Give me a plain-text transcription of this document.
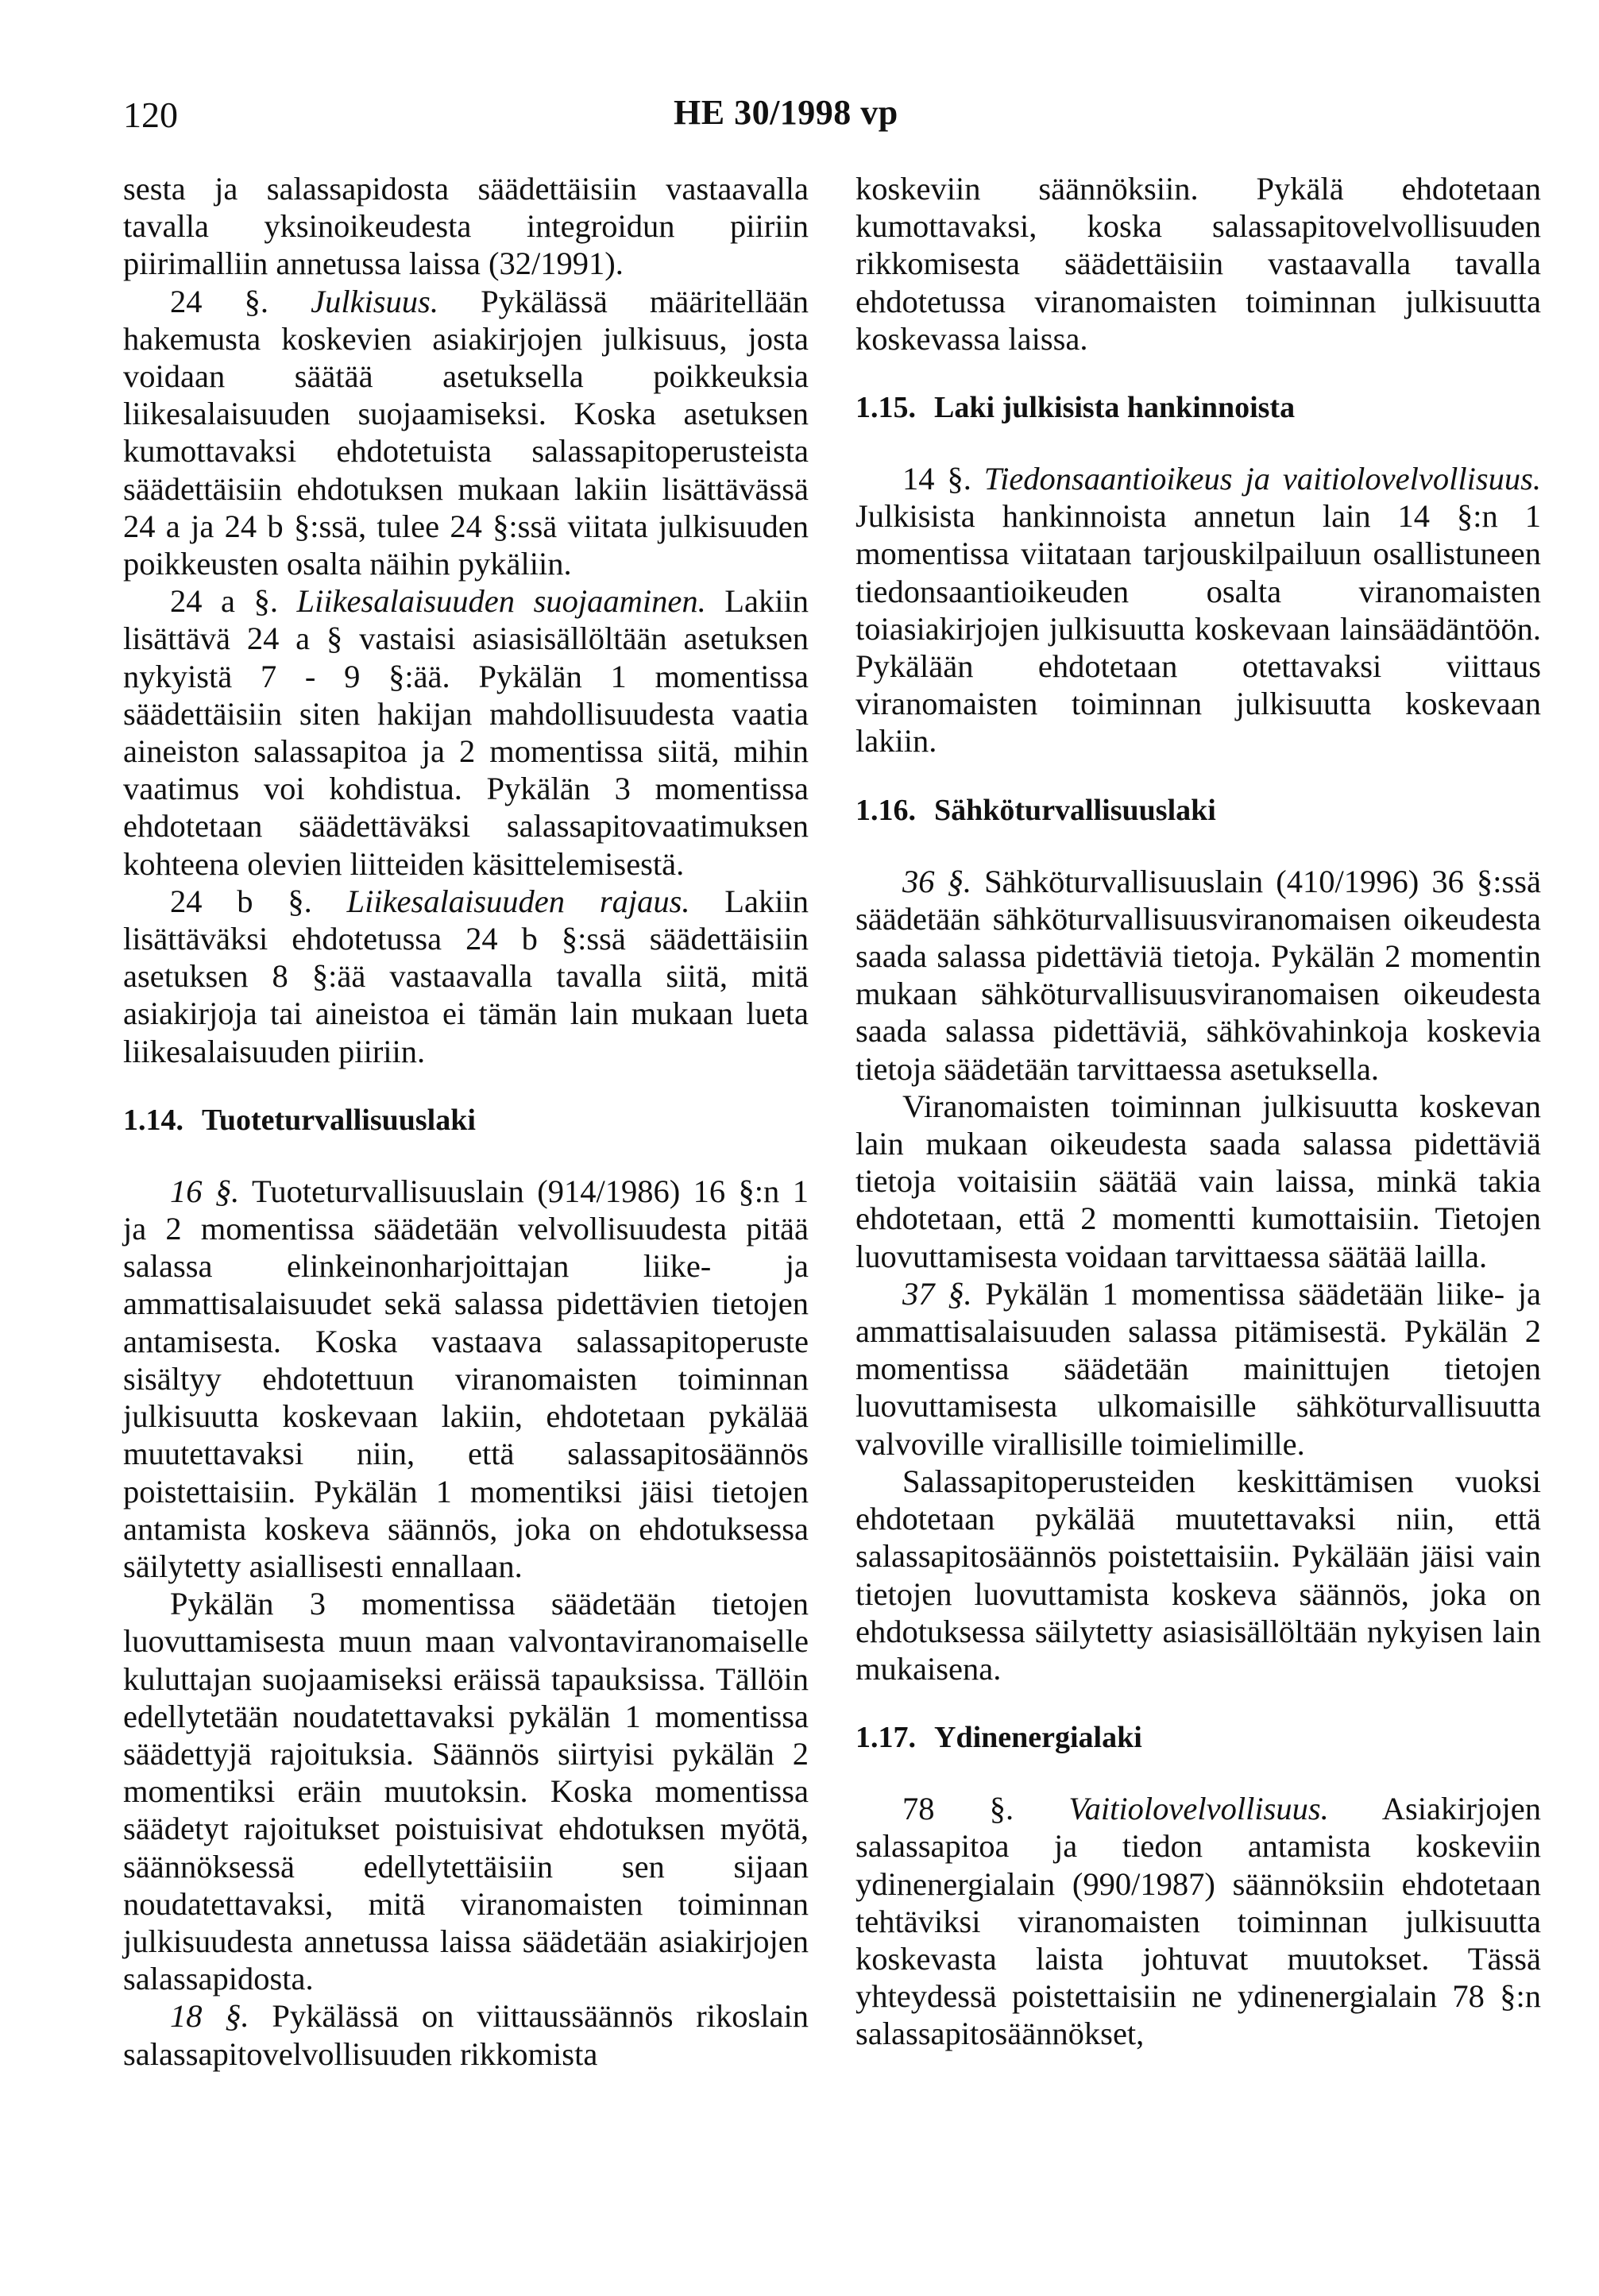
120	HE 30/1998 vp

sesta ja salassapidosta säädettäisiin vastaavalla tavalla yksinoikeudesta integroidun piiriin piirimalliin annetussa laissa (32/1991).

24 §. Julkisuus. Pykälässä määritellään hakemusta koskevien asiakirjojen julkisuus, josta voidaan säätää asetuksella poikkeuksia liikesalaisuuden suojaamiseksi. Koska asetuksen kumottavaksi ehdotetuista salassapitoperusteista säädettäisiin ehdotuksen mukaan lakiin lisättävässä 24 a ja 24 b §:ssä, tulee 24 §:ssä viitata julkisuuden poikkeusten osalta näihin pykäliin.

24 a §. Liikesalaisuuden suojaaminen. Lakiin lisättävä 24 a § vastaisi asiasisällöltään asetuksen nykyistä 7 - 9 §:ää. Pykälän 1 momentissa säädettäisiin siten hakijan mahdollisuudesta vaatia aineiston salassapitoa ja 2 momentissa siitä, mihin vaatimus voi kohdistua. Pykälän 3 momentissa ehdotetaan säädettäväksi salassapitovaatimuksen kohteena olevien liitteiden käsittelemisestä.

24 b §. Liikesalaisuuden rajaus. Lakiin lisättäväksi ehdotetussa 24 b §:ssä säädettäisiin asetuksen 8 §:ää vastaavalla tavalla siitä, mitä asiakirjoja tai aineistoa ei tämän lain mukaan lueta liikesalaisuuden piiriin.

1.14. Tuoteturvallisuuslaki

16 §. Tuoteturvallisuuslain (914/1986) 16 §:n 1 ja 2 momentissa säädetään velvollisuudesta pitää salassa elinkeinonharjoittajan liike- ja ammattisalaisuudet sekä salassa pidettävien tietojen antamisesta. Koska vastaava salassapitoperuste sisältyy ehdotettuun viranomaisten toiminnan julkisuutta koskevaan lakiin, ehdotetaan pykälää muutettavaksi niin, että salassapitosäännös poistettaisiin. Pykälän 1 momentiksi jäisi tietojen antamista koskeva säännös, joka on ehdotuksessa säilytetty asiallisesti ennallaan.

Pykälän 3 momentissa säädetään tietojen luovuttamisesta muun maan valvontaviranomaiselle kuluttajan suojaamiseksi eräissä tapauksissa. Tällöin edellytetään noudatettavaksi pykälän 1 momentissa säädettyjä rajoituksia. Säännös siirtyisi pykälän 2 momentiksi eräin muutoksin. Koska momentissa säädetyt rajoitukset poistuisivat ehdotuksen myötä, säännöksessä edellytettäisiin sen sijaan noudatettavaksi, mitä viranomaisten toiminnan julkisuudesta annetussa laissa säädetään asiakirjojen salassapidosta.

18 §. Pykälässä on viittaussäännös rikoslain salassapitovelvollisuuden rikkomista

koskeviin säännöksiin. Pykälä ehdotetaan kumottavaksi, koska salassapitovelvollisuuden rikkomisesta säädettäisiin vastaavalla tavalla ehdotetussa viranomaisten toiminnan julkisuutta koskevassa laissa.

1.15. Laki julkisista hankinnoista

14 §. Tiedonsaantioikeus ja vaitiolovelvollisuus. Julkisista hankinnoista annetun lain 14 §:n 1 momentissa viitataan tarjouskilpailuun osallistuneen tiedonsaantioikeuden osalta viranomaisten toiasiakirjojen julkisuutta koskevaan lainsäädäntöön. Pykälään ehdotetaan otettavaksi viittaus viranomaisten toiminnan julkisuutta koskevaan lakiin.

1.16. Sähköturvallisuuslaki

36 §. Sähköturvallisuuslain (410/1996) 36 §:ssä säädetään sähköturvallisuusviranomaisen oikeudesta saada salassa pidettäviä tietoja. Pykälän 2 momentin mukaan sähköturvallisuusviranomaisen oikeudesta saada salassa pidettäviä, sähkövahinkoja koskevia tietoja säädetään tarvittaessa asetuksella.

Viranomaisten toiminnan julkisuutta koskevan lain mukaan oikeudesta saada salassa pidettäviä tietoja voitaisiin säätää vain laissa, minkä takia ehdotetaan, että 2 momentti kumottaisiin. Tietojen luovuttamisesta voidaan tarvittaessa säätää lailla.

37 §. Pykälän 1 momentissa säädetään liike- ja ammattisalaisuuden salassa pitämisestä. Pykälän 2 momentissa säädetään mainittujen tietojen luovuttamisesta ulkomaisille sähköturvallisuutta valvoville virallisille toimielimille.

Salassapitoperusteiden keskittämisen vuoksi ehdotetaan pykälää muutettavaksi niin, että salassapitosäännös poistettaisiin. Pykälään jäisi vain tietojen luovuttamista koskeva säännös, joka on ehdotuksessa säilytetty asiasisällöltään nykyisen lain mukaisena.

1.17. Ydinenergialaki

78 §. Vaitiolovelvollisuus. Asiakirjojen salassapitoa ja tiedon antamista koskeviin ydinenergialain (990/1987) säännöksiin ehdotetaan tehtäviksi viranomaisten toiminnan julkisuutta koskevasta laista johtuvat muutokset. Tässä yhteydessä poistettaisiin ne ydinenergialain 78 §:n salassapitosäännökset,
